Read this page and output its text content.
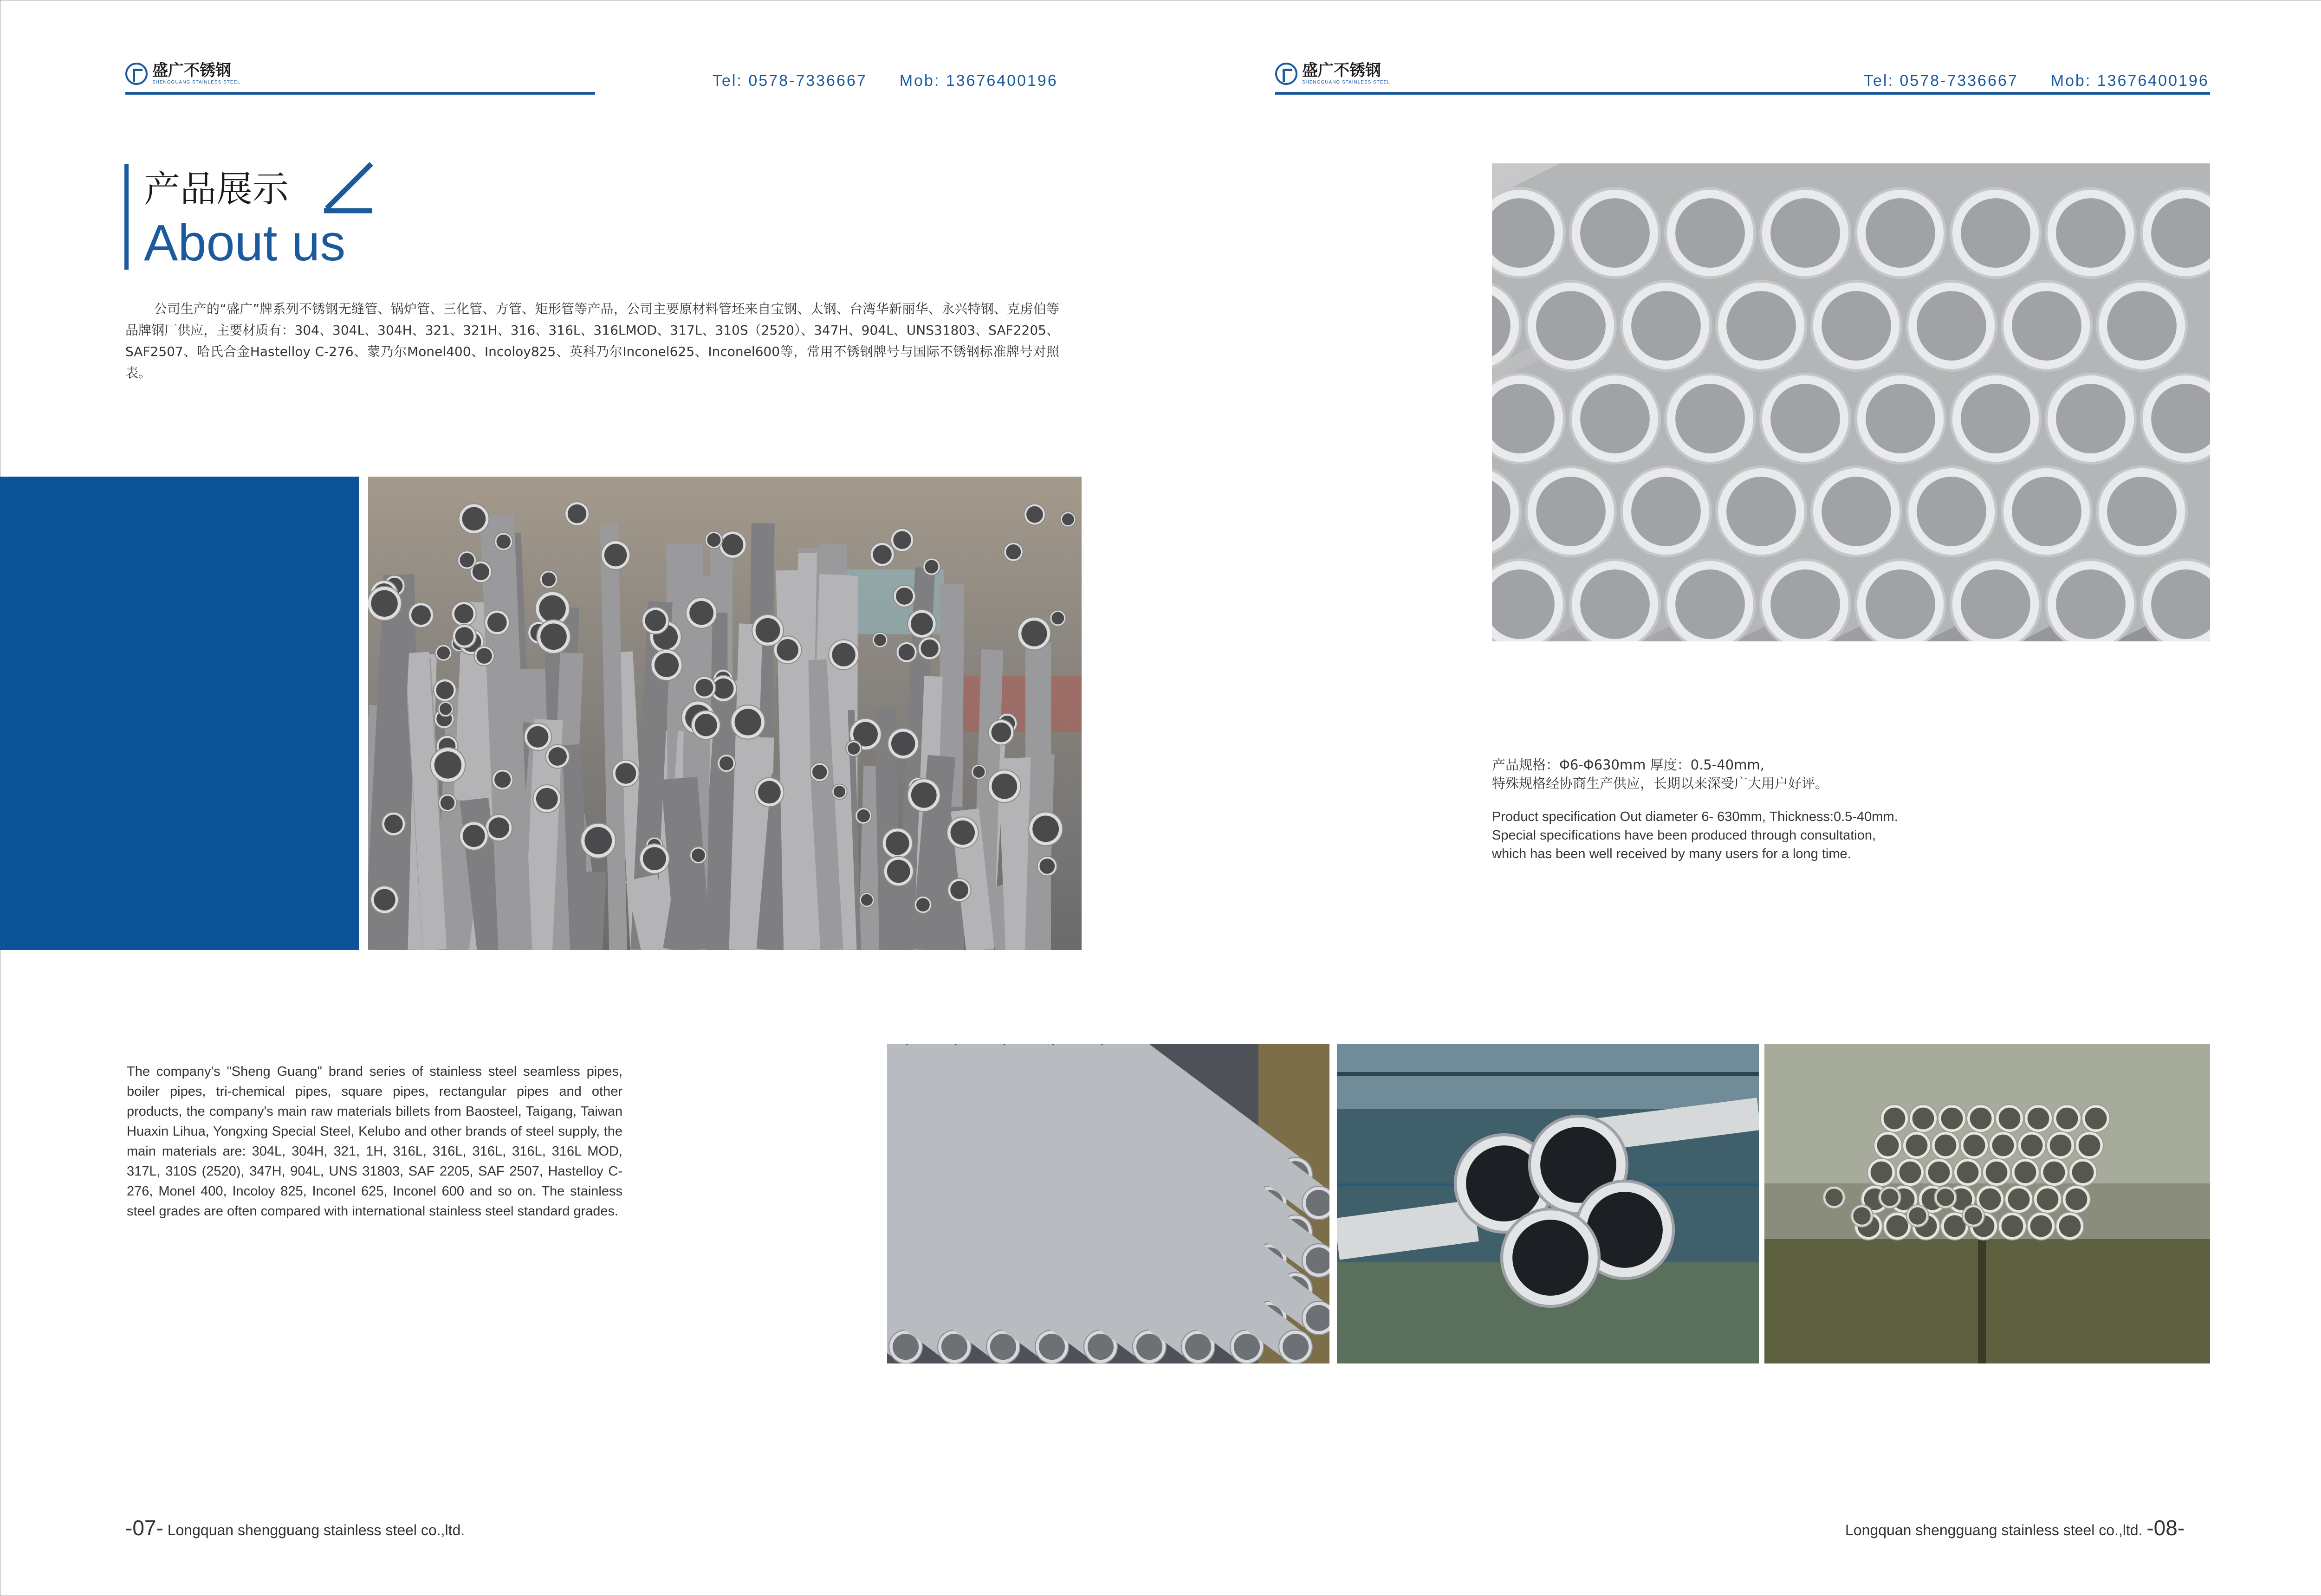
盛广不锈钢
SHENGGUANG STAINLESS STEEL	Tel: 0578-7336667 Mob: 13676400196
产品展示
About us
公司生产的“盛广”牌系列不锈钢无缝管、锅炉管、三化管、方管、矩形管等产品，公司主要原材料管坯来自宝钢、太钢、台湾华新丽华、永兴特钢、克虏伯等品牌钢厂供应，主要材质有：304、304L、304H、321、321H、316、316L、316LMOD、317L、310S（2520）、347H、904L、UNS31803、SAF2205、SAF2507、哈氏合金Hastelloy C-276、蒙乃尔Monel400、Incoloy825、英科乃尔Inconel625、Inconel600等，常用不锈钢牌号与国际不锈钢标准牌号对照表。
The company's "Sheng Guang" brand series of stainless steel seamless pipes, boiler pipes, tri-chemical pipes, square pipes, rectangular pipes and other products, the company's main raw materials billets from Baosteel, Taigang, Taiwan Huaxin Lihua, Yongxing Special Steel, Kelubo and other brands of steel supply, the main materials are: 304L, 304H, 321, 1H, 316L, 316L, 316L, 316L, 316L MOD, 317L, 310S (2520), 347H, 904L, UNS 31803, SAF 2205, SAF 2507, Hastelloy C-276, Monel 400, Incoloy 825, Inconel 625, Inconel 600 and so on. The stainless steel grades are often compared with international stainless steel standard grades.
-07- Longquan shengguang stainless steel co.,ltd.
盛广不锈钢
SHENGGUANG STAINLESS STEEL	Tel: 0578-7336667 Mob: 13676400196
产品规格：Φ6-Φ630mm 厚度：0.5-40mm,
特殊规格经协商生产供应，长期以来深受广大用户好评。
Product specification Out diameter 6- 630mm, Thickness:0.5-40mm.
Special specifications have been produced through consultation,
which has been well received by many users for a long time.
Longquan shengguang stainless steel co.,ltd. -08-
